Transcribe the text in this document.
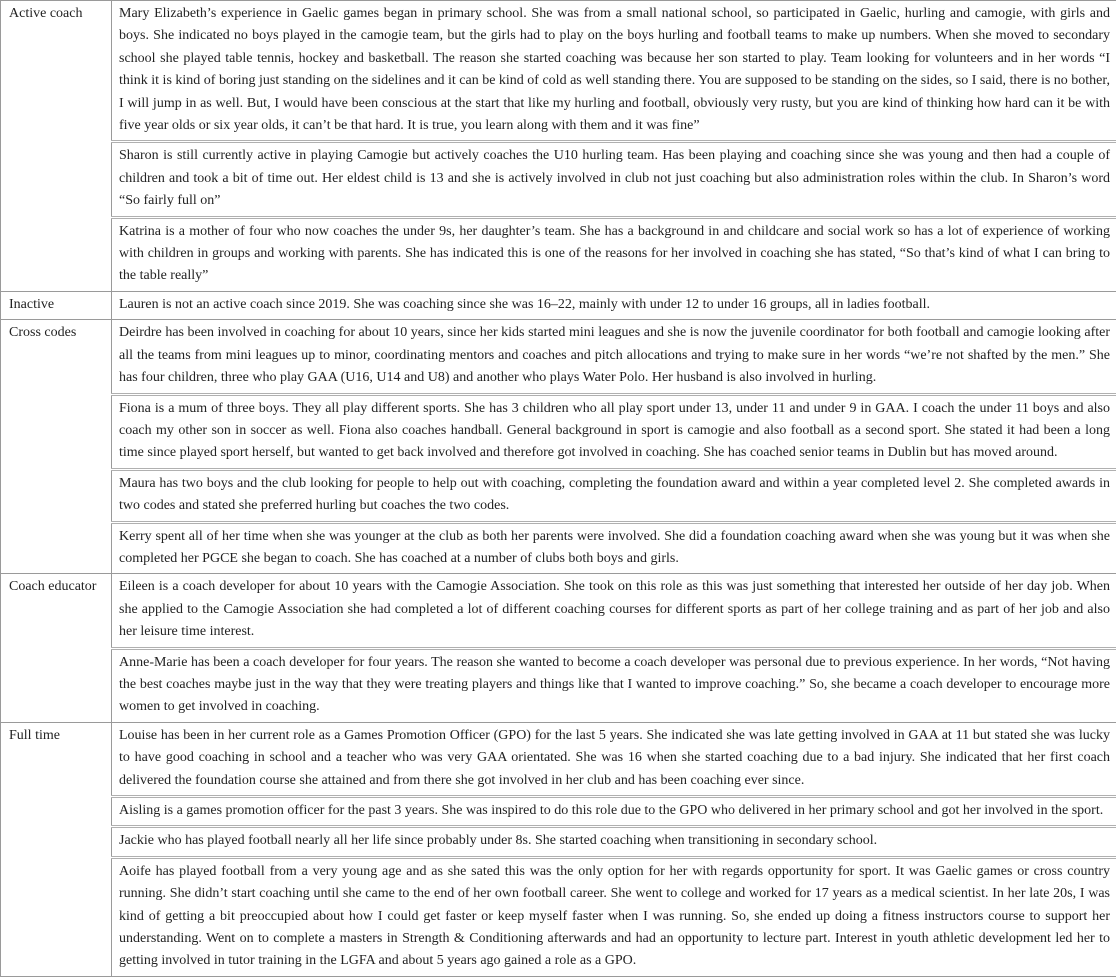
Active coach	Mary Elizabeth’s experience in Gaelic games began in primary school. She was from a small national school, so participated in Gaelic, hurling and camogie, with girls and boys. She indicated no boys played in the camogie team, but the girls had to play on the boys hurling and football teams to make up numbers. When she moved to secondary school she played table tennis, hockey and basketball. The reason she started coaching was because her son started to play. Team looking for volunteers and in her words “I think it is kind of boring just standing on the sidelines and it can be kind of cold as well standing there. You are supposed to be standing on the sides, so I said, there is no bother, I will jump in as well. But, I would have been conscious at the start that like my hurling and football, obviously very rusty, but you are kind of thinking how hard can it be with five year olds or six year olds, it can’t be that hard. It is true, you learn along with them and it was fine”
	Sharon is still currently active in playing Camogie but actively coaches the U10 hurling team. Has been playing and coaching since she was young and then had a couple of children and took a bit of time out. Her eldest child is 13 and she is actively involved in club not just coaching but also administration roles within the club. In Sharon’s word “So fairly full on”
	Katrina is a mother of four who now coaches the under 9s, her daughter’s team. She has a background in and childcare and social work so has a lot of experience of working with children in groups and working with parents. She has indicated this is one of the reasons for her involved in coaching she has stated, “So that’s kind of what I can bring to the table really”
Inactive	Lauren is not an active coach since 2019. She was coaching since she was 16–22, mainly with under 12 to under 16 groups, all in ladies football.
Cross codes	Deirdre has been involved in coaching for about 10 years, since her kids started mini leagues and she is now the juvenile coordinator for both football and camogie looking after all the teams from mini leagues up to minor, coordinating mentors and coaches and pitch allocations and trying to make sure in her words “we’re not shafted by the men.” She has four children, three who play GAA (U16, U14 and U8) and another who plays Water Polo. Her husband is also involved in hurling.
	Fiona is a mum of three boys. They all play different sports. She has 3 children who all play sport under 13, under 11 and under 9 in GAA. I coach the under 11 boys and also coach my other son in soccer as well. Fiona also coaches handball. General background in sport is camogie and also football as a second sport. She stated it had been a long time since played sport herself, but wanted to get back involved and therefore got involved in coaching. She has coached senior teams in Dublin but has moved around.
	Maura has two boys and the club looking for people to help out with coaching, completing the foundation award and within a year completed level 2. She completed awards in two codes and stated she preferred hurling but coaches the two codes.
	Kerry spent all of her time when she was younger at the club as both her parents were involved. She did a foundation coaching award when she was young but it was when she completed her PGCE she began to coach. She has coached at a number of clubs both boys and girls.
Coach educator	Eileen is a coach developer for about 10 years with the Camogie Association. She took on this role as this was just something that interested her outside of her day job. When she applied to the Camogie Association she had completed a lot of different coaching courses for different sports as part of her college training and as part of her job and also her leisure time interest.
	Anne-Marie has been a coach developer for four years. The reason she wanted to become a coach developer was personal due to previous experience. In her words, “Not having the best coaches maybe just in the way that they were treating players and things like that I wanted to improve coaching.” So, she became a coach developer to encourage more women to get involved in coaching.
Full time	Louise has been in her current role as a Games Promotion Officer (GPO) for the last 5 years. She indicated she was late getting involved in GAA at 11 but stated she was lucky to have good coaching in school and a teacher who was very GAA orientated. She was 16 when she started coaching due to a bad injury. She indicated that her first coach delivered the foundation course she attained and from there she got involved in her club and has been coaching ever since.
	Aisling is a games promotion officer for the past 3 years. She was inspired to do this role due to the GPO who delivered in her primary school and got her involved in the sport.
	Jackie who has played football nearly all her life since probably under 8s. She started coaching when transitioning in secondary school.
	Aoife has played football from a very young age and as she sated this was the only option for her with regards opportunity for sport. It was Gaelic games or cross country running. She didn’t start coaching until she came to the end of her own football career. She went to college and worked for 17 years as a medical scientist. In her late 20s, I was kind of getting a bit preoccupied about how I could get faster or keep myself faster when I was running. So, she ended up doing a fitness instructors course to support her understanding. Went on to complete a masters in Strength & Conditioning afterwards and had an opportunity to lecture part. Interest in youth athletic development led her to getting involved in tutor training in the LGFA and about 5 years ago gained a role as a GPO.
